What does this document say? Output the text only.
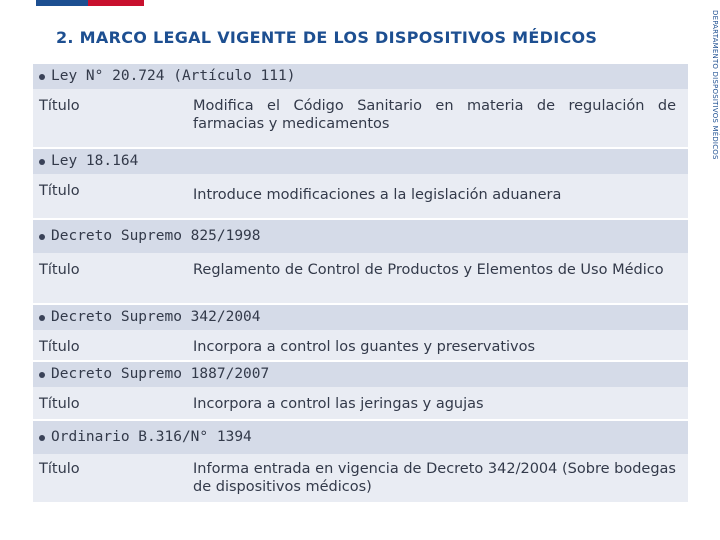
2. MARCO LEGAL VIGENTE DE LOS DISPOSITIVOS MÉDICOS	DEPARTAMENTO DISPOSITIVOS MÉDICOS
Ley N° 20.724 (Artículo 111)
Título	Modifica el Código Sanitario en materia de regulación de farmacias y medicamentos
Ley 18.164
Título	Introduce modificaciones a la legislación aduanera
Decreto Supremo 825/1998
Título	Reglamento de Control de Productos y Elementos de Uso Médico
Decreto Supremo 342/2004
Título	Incorpora a control los guantes y preservativos
Decreto Supremo 1887/2007
Título	Incorpora a control las jeringas y agujas
Ordinario B.316/N° 1394
Título	Informa entrada en vigencia de Decreto 342/2004 (Sobre bodegas de dispositivos médicos)
